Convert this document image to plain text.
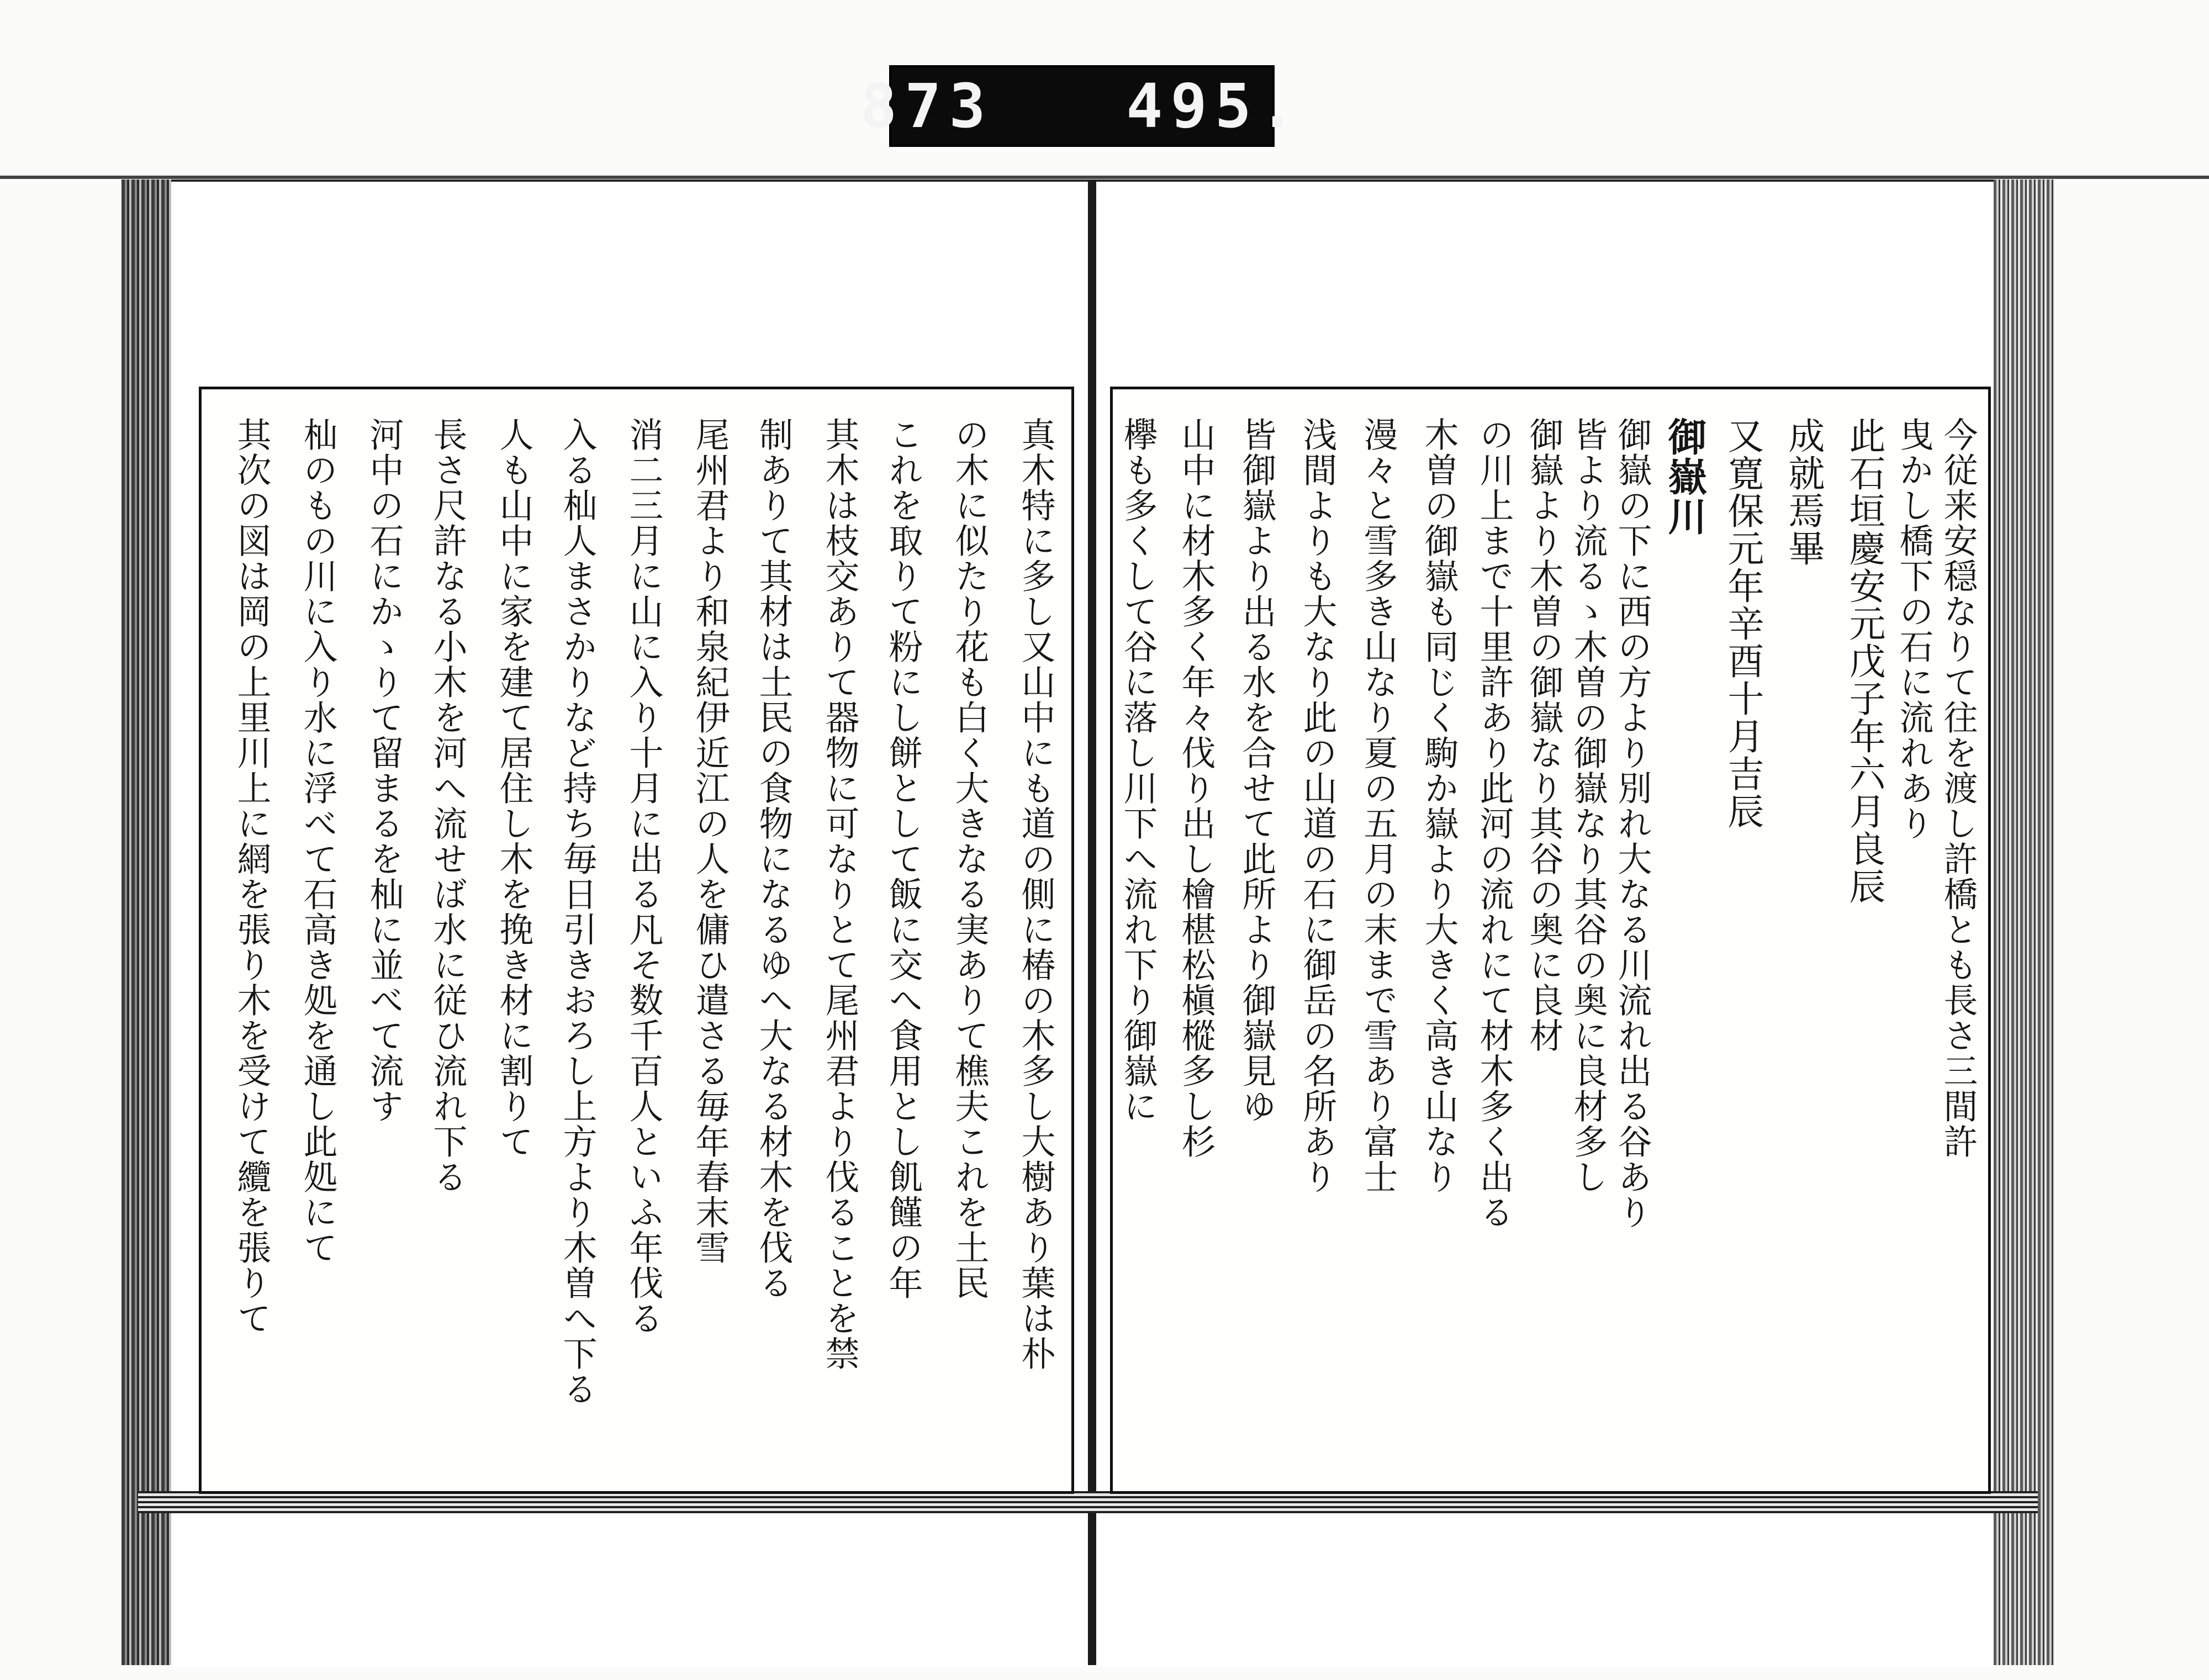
873   495.
真木特に多し又山中にも道の側に椿の木多し大樹あり葉は朴
の木に似たり花も白く大きなる実ありて樵夫これを土民
これを取りて粉にし餅として飯に交へ食用とし飢饉の年
其木は枝交ありて器物に可なりとて尾州君より伐ることを禁
制ありて其材は土民の食物になるゆへ大なる材木を伐る
尾州君より和泉紀伊近江の人を傭ひ遣さる毎年春末雪
消二三月に山に入り十月に出る凡そ数千百人といふ年伐る
入る杣人まさかりなど持ち毎日引きおろし上方より木曽へ下る
人も山中に家を建て居住し木を挽き材に割りて
長さ尺許なる小木を河へ流せば水に従ひ流れ下る
河中の石にかゝりて留まるを杣に並べて流す
杣のもの川に入り水に浮べて石高き処を通し此処にて
其次の図は岡の上里川上に網を張り木を受けて纜を張りて	今従来安穏なりて往を渡し許橋とも長さ三間許
曳かし橋下の石に流れあり
此石垣慶安元戊子年六月良辰
成就焉畢
又寛保元年辛酉十月吉辰
御嶽川
御嶽の下に西の方より別れ大なる川流れ出る谷あり
皆より流るゝ木曽の御嶽なり其谷の奥に良材多し
御嶽より木曽の御嶽なり其谷の奥に良材
の川上まで十里許あり此河の流れにて材木多く出る
木曽の御嶽も同じく駒か嶽より大きく高き山なり
漫々と雪多き山なり夏の五月の末まで雪あり富士
浅間よりも大なり此の山道の石に御岳の名所あり
皆御嶽より出る水を合せて此所より御嶽見ゆ
山中に材木多く年々伐り出し檜椹松槇樅多し杉
欅も多くして谷に落し川下へ流れ下り御嶽に
